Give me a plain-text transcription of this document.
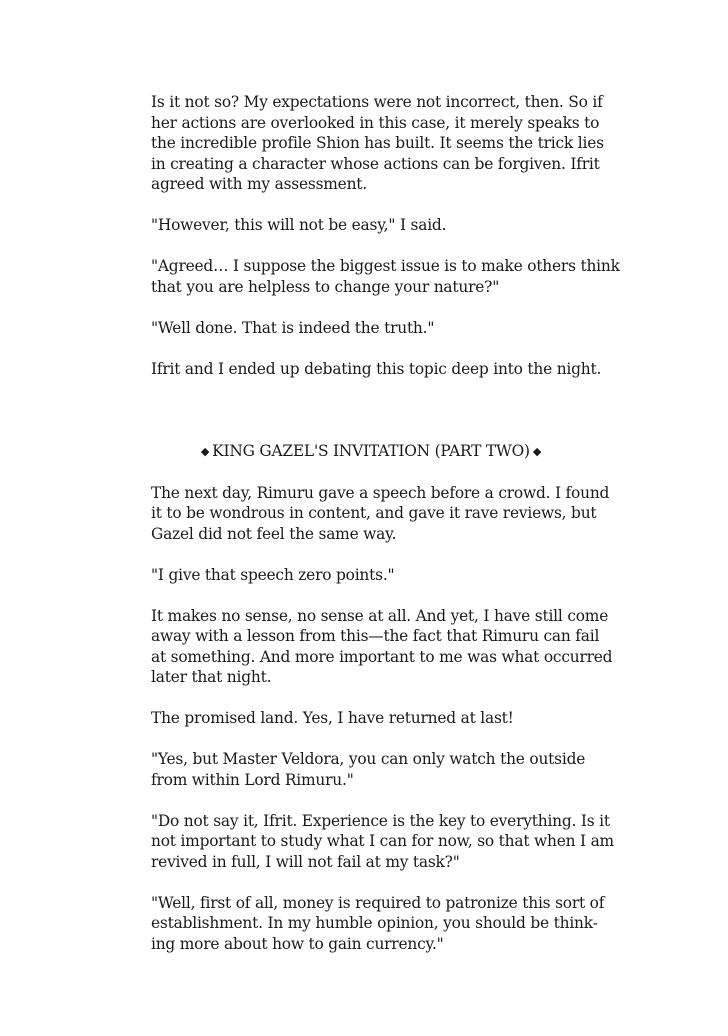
Is it not so? My expectations were not incorrect, then. So if
her actions are overlooked in this case, it merely speaks to
the incredible profile Shion has built. It seems the trick lies
in creating a character whose actions can be forgiven. Ifrit
agreed with my assessment.
"However, this will not be easy," I said.
"Agreed… I suppose the biggest issue is to make others think
that you are helpless to change your nature?"
"Well done. That is indeed the truth."
Ifrit and I ended up debating this topic deep into the night.
◆ KING GAZEL'S INVITATION (PART TWO) ◆
The next day, Rimuru gave a speech before a crowd. I found
it to be wondrous in content, and gave it rave reviews, but
Gazel did not feel the same way.
"I give that speech zero points."
It makes no sense, no sense at all. And yet, I have still come
away with a lesson from this—the fact that Rimuru can fail
at something. And more important to me was what occurred
later that night.
The promised land. Yes, I have returned at last!
"Yes, but Master Veldora, you can only watch the outside
from within Lord Rimuru."
"Do not say it, Ifrit. Experience is the key to everything. Is it
not important to study what I can for now, so that when I am
revived in full, I will not fail at my task?"
"Well, first of all, money is required to patronize this sort of
establishment. In my humble opinion, you should be think-
ing more about how to gain currency."
